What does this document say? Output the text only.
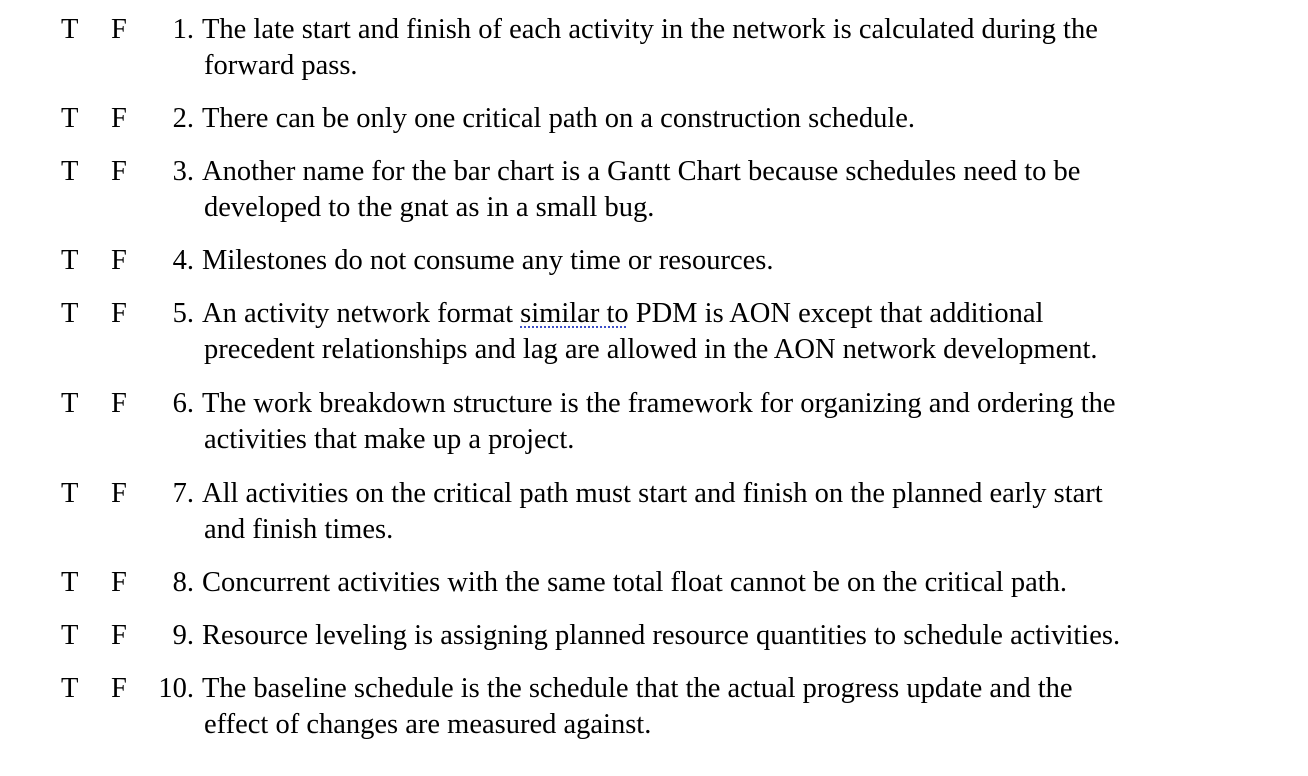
T F	1. The late start and finish of each activity in the network is calculated during the
forward pass.
T F	2. There can be only one critical path on a construction schedule.
T F	3. Another name for the bar chart is a Gantt Chart because schedules need to be
developed to the gnat as in a small bug.
T F	4. Milestones do not consume any time or resources.
T F	5. An activity network format similar to PDM is AON except that additional
precedent relationships and lag are allowed in the AON network development.
T F	6. The work breakdown structure is the framework for organizing and ordering the
activities that make up a project.
T F	7. All activities on the critical path must start and finish on the planned early start
and finish times.
T F	8. Concurrent activities with the same total float cannot be on the critical path.
T F	9. Resource leveling is assigning planned resource quantities to schedule activities.
T F	10. The baseline schedule is the schedule that the actual progress update and the
effect of changes are measured against.
